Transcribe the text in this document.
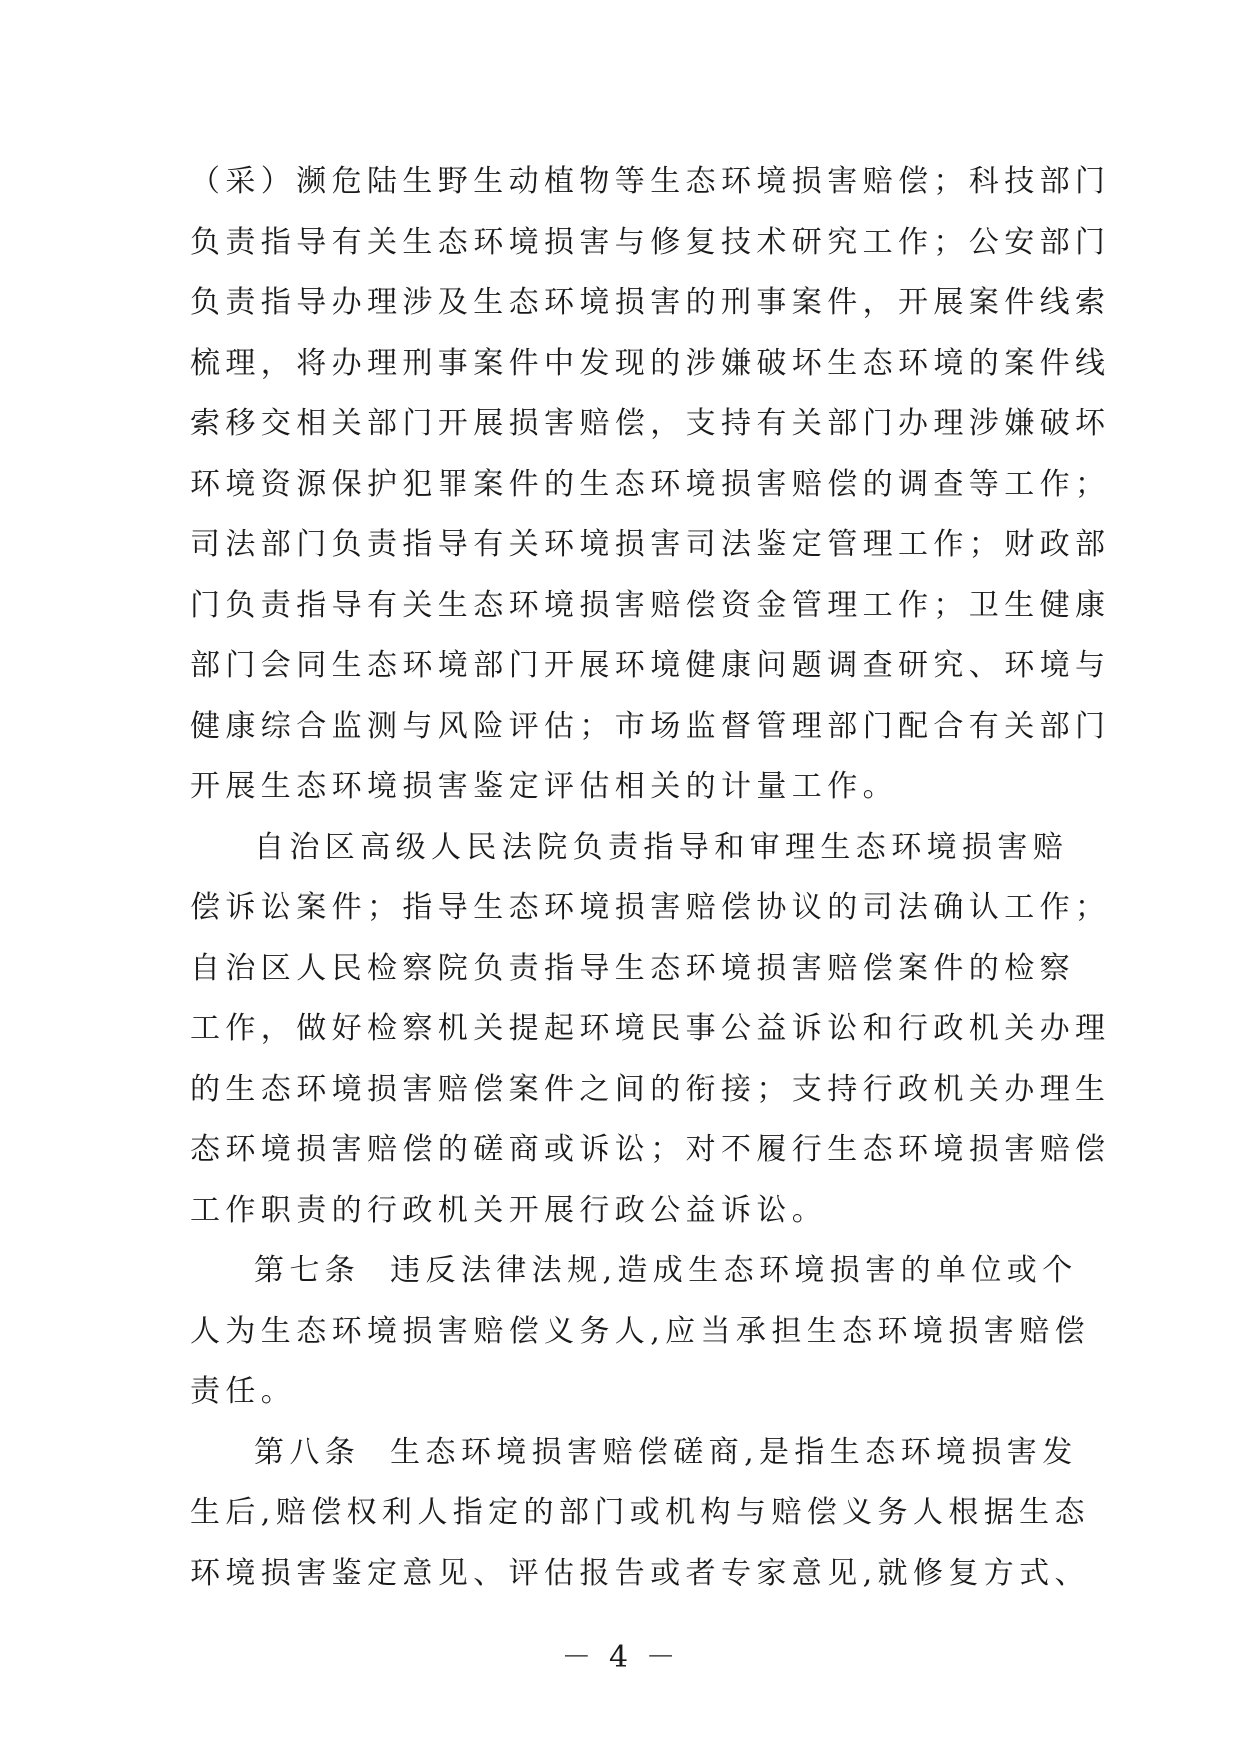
（采）濒危陆生野生动植物等生态环境损害赔偿；科技部门
负责指导有关生态环境损害与修复技术研究工作；公安部门
负责指导办理涉及生态环境损害的刑事案件，开展案件线索
梳理，将办理刑事案件中发现的涉嫌破坏生态环境的案件线
索移交相关部门开展损害赔偿，支持有关部门办理涉嫌破坏
环境资源保护犯罪案件的生态环境损害赔偿的调查等工作；
司法部门负责指导有关环境损害司法鉴定管理工作；财政部
门负责指导有关生态环境损害赔偿资金管理工作；卫生健康
部门会同生态环境部门开展环境健康问题调查研究、环境与
健康综合监测与风险评估；市场监督管理部门配合有关部门
开展生态环境损害鉴定评估相关的计量工作。
自治区高级人民法院负责指导和审理生态环境损害赔
偿诉讼案件；指导生态环境损害赔偿协议的司法确认工作；
自治区人民检察院负责指导生态环境损害赔偿案件的检察
工作，做好检察机关提起环境民事公益诉讼和行政机关办理
的生态环境损害赔偿案件之间的衔接；支持行政机关办理生
态环境损害赔偿的磋商或诉讼；对不履行生态环境损害赔偿
工作职责的行政机关开展行政公益诉讼。
第七条  违反法律法规,造成生态环境损害的单位或个
人为生态环境损害赔偿义务人,应当承担生态环境损害赔偿
责任。
第八条  生态环境损害赔偿磋商,是指生态环境损害发
生后,赔偿权利人指定的部门或机构与赔偿义务人根据生态
环境损害鉴定意见、评估报告或者专家意见,就修复方式、
－ 4 －
